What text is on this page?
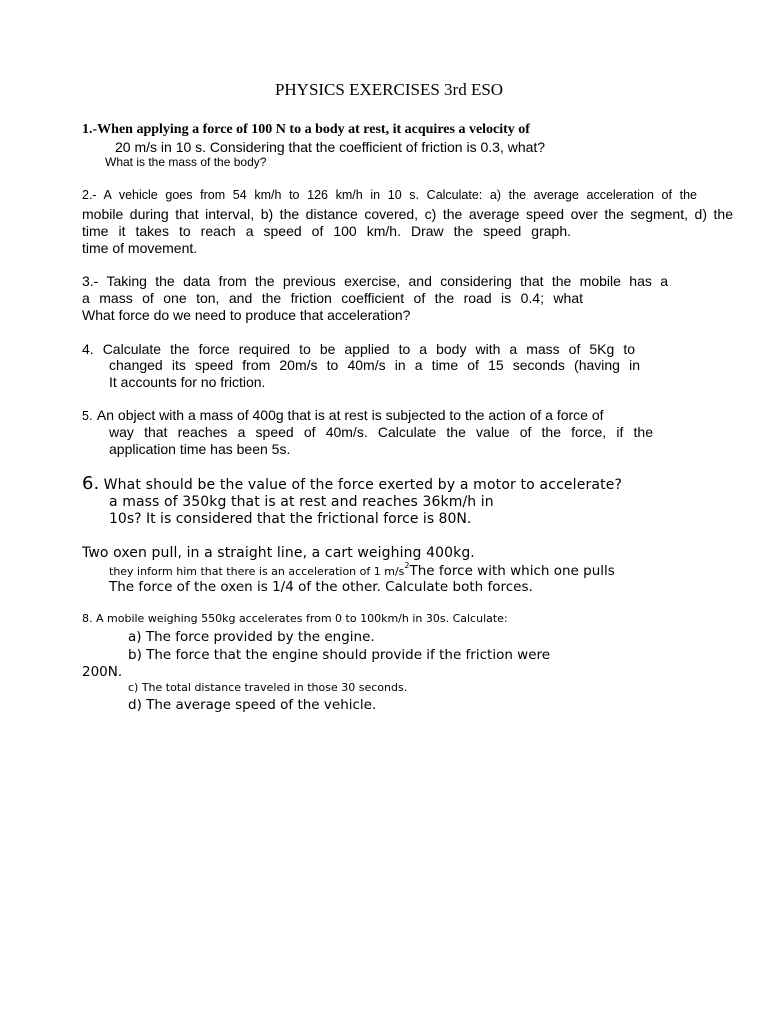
PHYSICS EXERCISES 3rd ESO

1.-When applying a force of 100 N to a body at rest, it acquires a velocity of

20 m/s in 10 s. Considering that the coefficient of friction is 0.3, what?

What is the mass of the body?

2.- A vehicle goes from 54 km/h to 126 km/h in 10 s. Calculate: a) the average acceleration of the

mobile during that interval, b) the distance covered, c) the average speed over the segment, d) the

time it takes to reach a speed of 100 km/h. Draw the speed graph.

time of movement.

3.- Taking the data from the previous exercise, and considering that the mobile has a

a mass of one ton, and the friction coefficient of the road is 0.4; what

What force do we need to produce that acceleration?

4. Calculate the force required to be applied to a body with a mass of 5Kg to

changed its speed from 20m/s to 40m/s in a time of 15 seconds (having in

It accounts for no friction.

5. An object with a mass of 400g that is at rest is subjected to the action of a force of

way that reaches a speed of 40m/s. Calculate the value of the force, if the

application time has been 5s.

6. What should be the value of the force exerted by a motor to accelerate?

a mass of 350kg that is at rest and reaches 36km/h in

10s? It is considered that the frictional force is 80N.

Two oxen pull, in a straight line, a cart weighing 400kg.

they inform him that there is an acceleration of 1 $m/s^2The$ force with which one pulls

The force of the oxen is 1/4 of the other. Calculate both forces.

8. A mobile weighing 550kg accelerates from 0 to 100km/h in 30s. Calculate:

a) The force provided by the engine.

b) The force that the engine should provide if the friction were

200N.

c) The total distance traveled in those 30 seconds.

d) The average speed of the vehicle.
